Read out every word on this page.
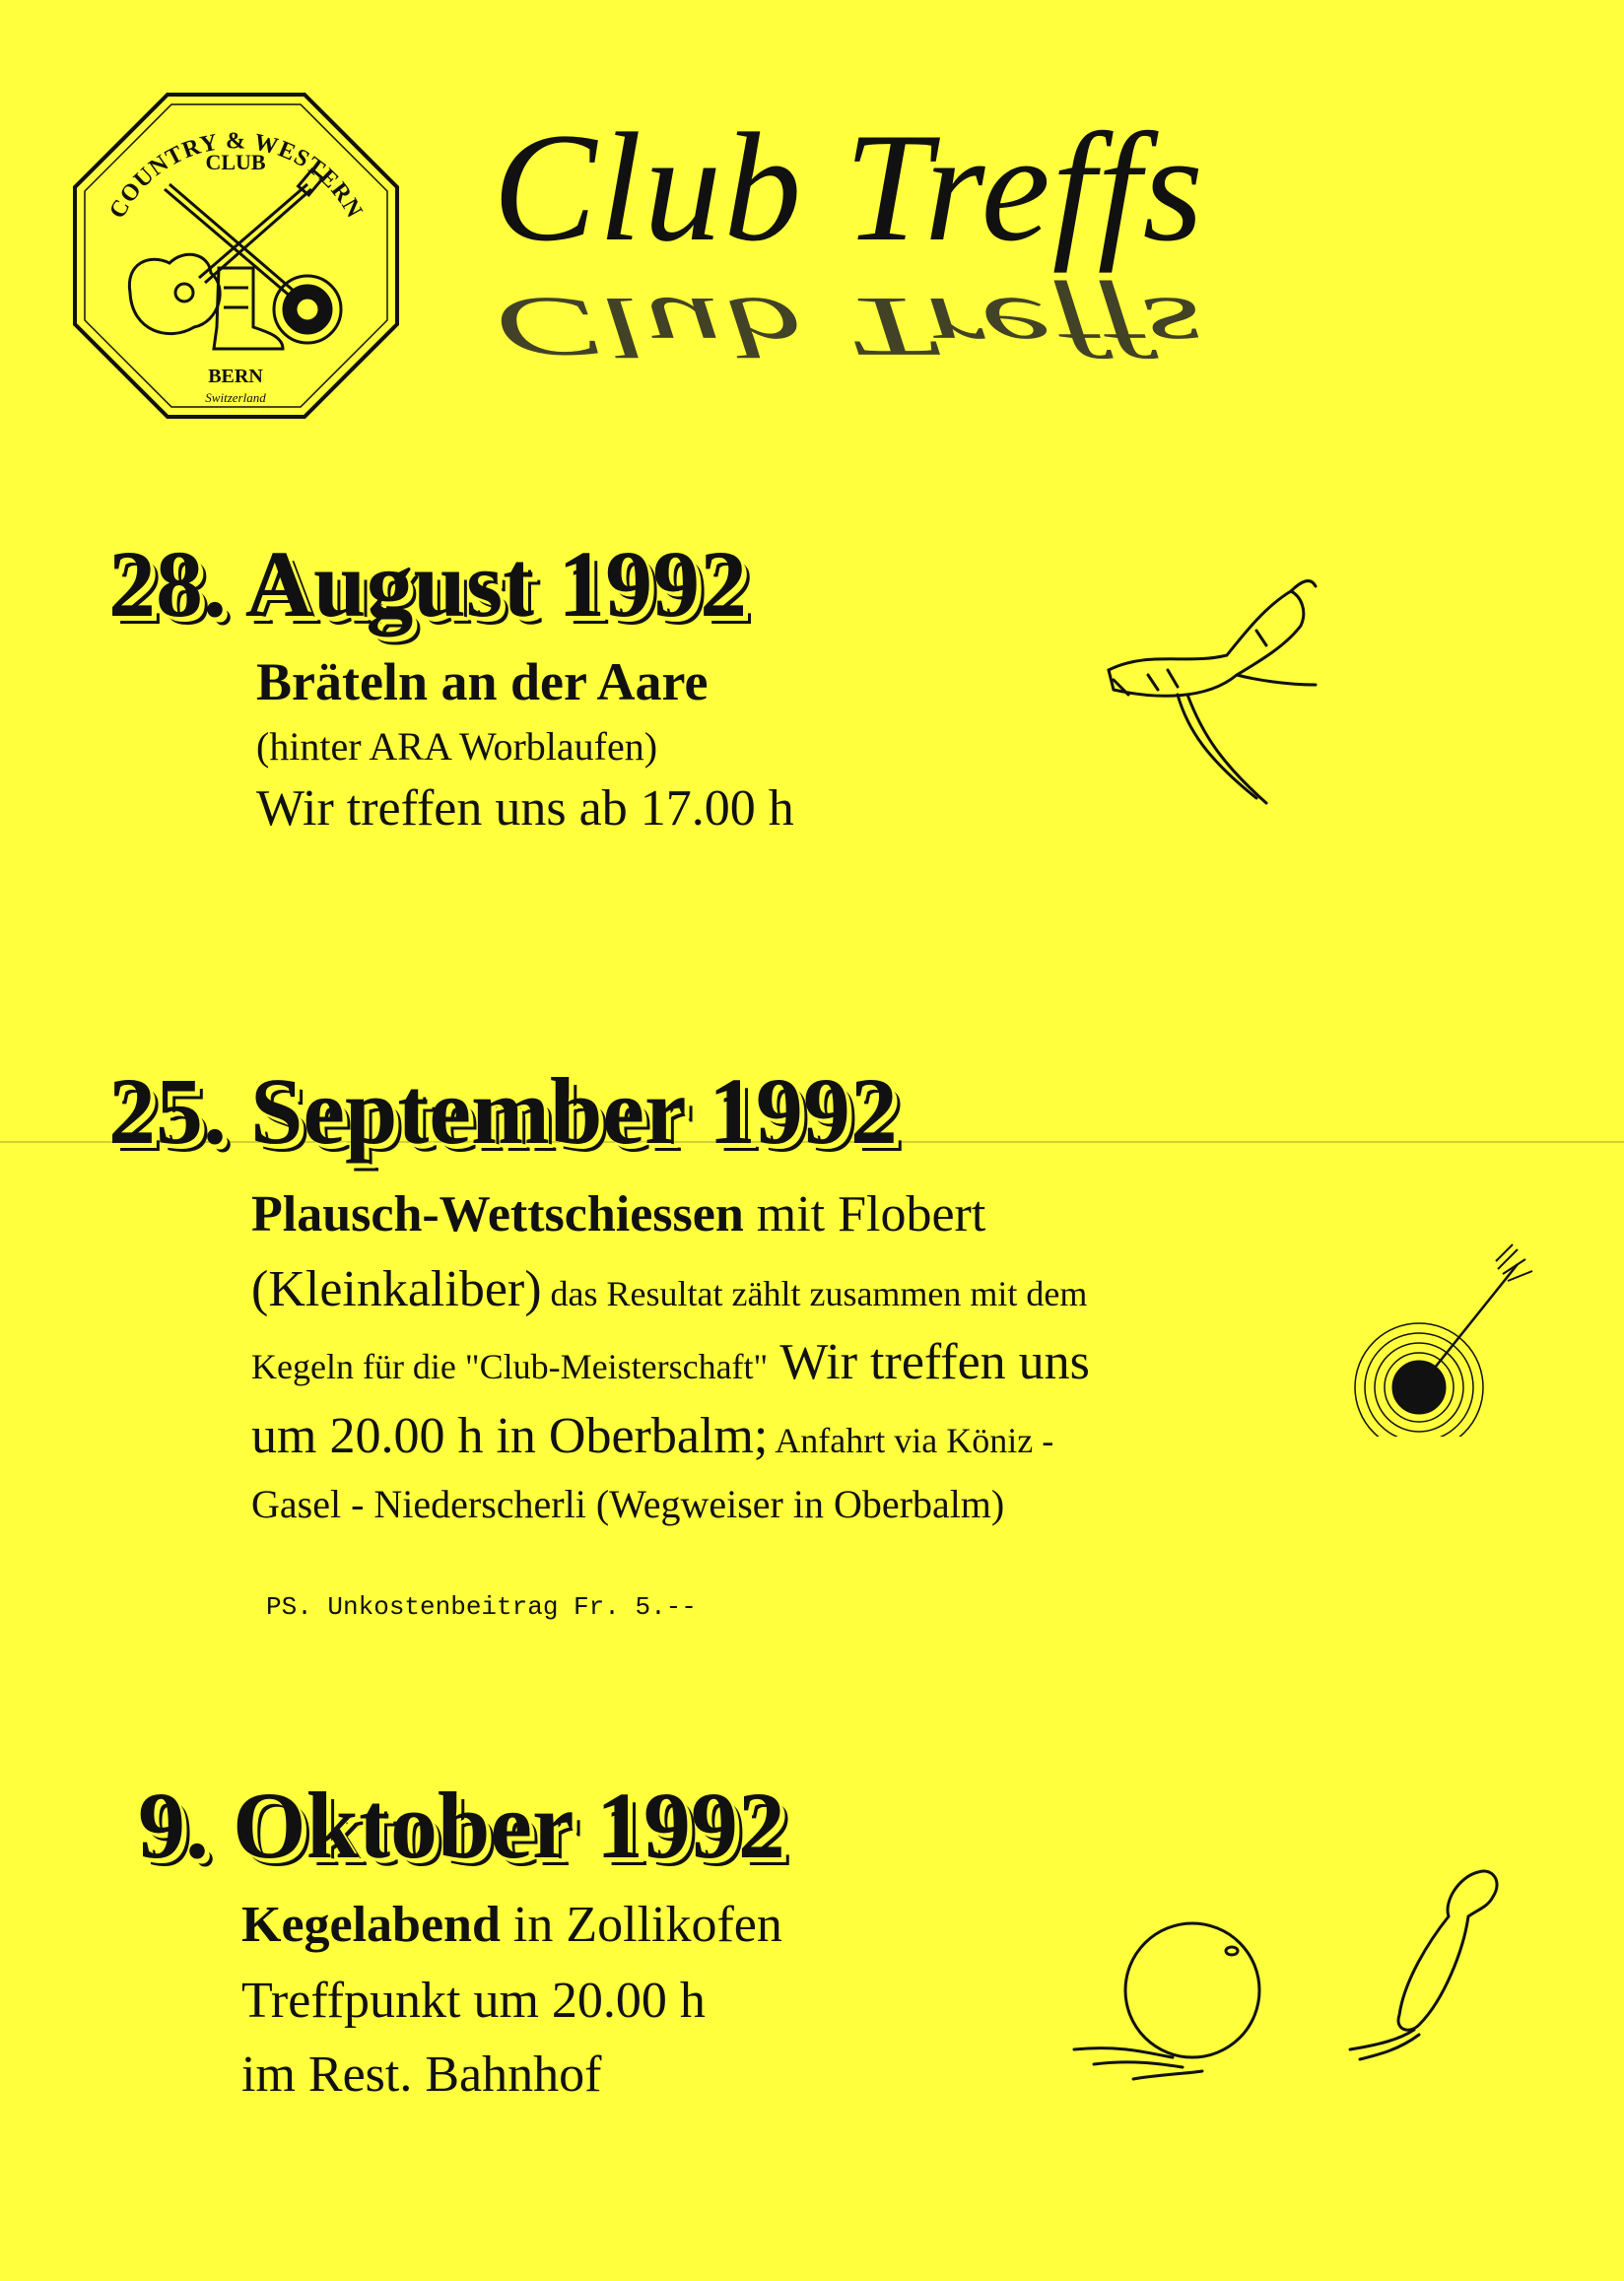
COUNTRY & WESTERN
CLUB
BERN
Switzerland
Club Treffs
Club Treffs
28. August 1992
Bräteln an der Aare
(hinter ARA Worblaufen)
Wir treffen uns ab 17.00 h
25. September 1992
Plausch-Wettschiessen mit Flobert
(Kleinkaliber) das Resultat zählt zusammen mit dem
Kegeln für die "Club-Meisterschaft" Wir treffen uns
um 20.00 h in Oberbalm; Anfahrt via Köniz -
Gasel - Niederscherli (Wegweiser in Oberbalm)
PS. Unkostenbeitrag Fr. 5.--
9. Oktober 1992
Kegelabend in Zollikofen
Treffpunkt um 20.00 h
im Rest. Bahnhof
